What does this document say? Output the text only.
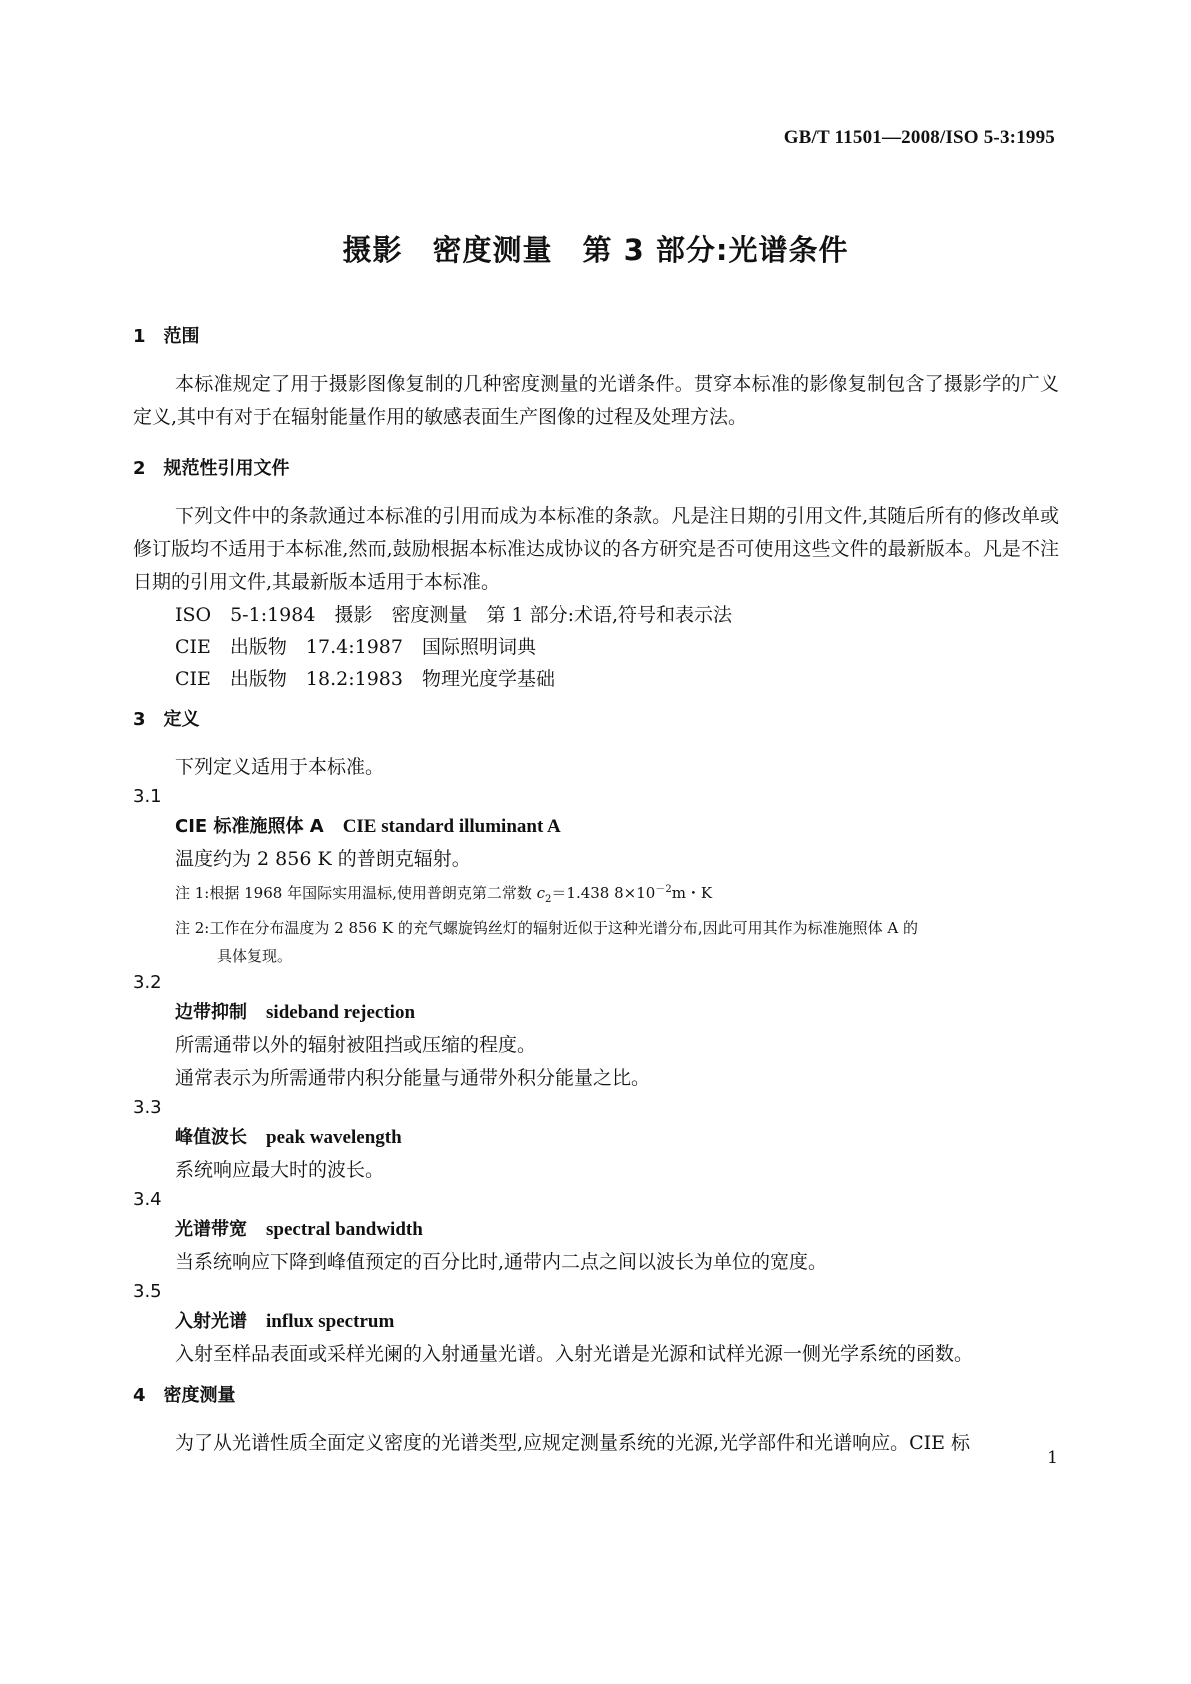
GB/T 11501—2008/ISO 5-3:1995
摄影　密度测量　第 3 部分:光谱条件
1　范围

本标准规定了用于摄影图像复制的几种密度测量的光谱条件。贯穿本标准的影像复制包含了摄影学的广义定义,其中有对于在辐射能量作用的敏感表面生产图像的过程及处理方法。

2　规范性引用文件

下列文件中的条款通过本标准的引用而成为本标准的条款。凡是注日期的引用文件,其随后所有的修改单或修订版均不适用于本标准,然而,鼓励根据本标准达成协议的各方研究是否可使用这些文件的最新版本。凡是不注日期的引用文件,其最新版本适用于本标准。

ISO　5-1:1984　摄影　密度测量　第 1 部分:术语,符号和表示法
CIE　出版物　17.4:1987　国际照明词典
CIE　出版物　18.2:1983　物理光度学基础
3　定义
下列定义适用于本标准。
3.1
CIE 标准施照体 A　 CIE standard illuminant A
温度约为 2 856 K 的普朗克辐射。
注 1:根据 1968 年国际实用温标,使用普朗克第二常数 $c_2=1.438$ $8\times 10^{-2}m$・K
注 2:工作在分布温度为 2 856 K 的充气螺旋钨丝灯的辐射近似于这种光谱分布,因此可用其作为标准施照体 A 的
具体复现。
3.2
边带抑制　 sideband rejection
所需通带以外的辐射被阻挡或压缩的程度。
通常表示为所需通带内积分能量与通带外积分能量之比。
3.3
峰值波长　 peak wavelength
系统响应最大时的波长。
3.4
光谱带宽　 spectral bandwidth
当系统响应下降到峰值预定的百分比时,通带内二点之间以波长为单位的宽度。
3.5
入射光谱　 influx spectrum
入射至样品表面或采样光阑的入射通量光谱。入射光谱是光源和试样光源一侧光学系统的函数。
4　密度测量

为了从光谱性质全面定义密度的光谱类型,应规定测量系统的光源,光学部件和光谱响应。CIE 标

1
